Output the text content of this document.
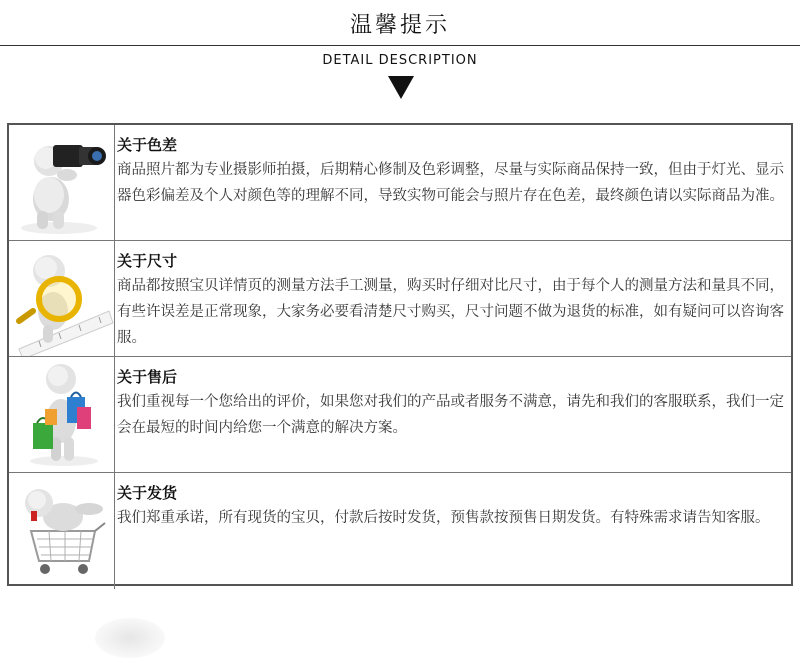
温馨提示
DETAIL DESCRIPTION
关于色差

商品照片都为专业摄影师拍摄，后期精心修制及色彩调整，尽量与实际商品保持一致，但由于灯光、显示器色彩偏差及个人对颜色等的理解不同，导致实物可能会与照片存在色差，最终颜色请以实际商品为准。

关于尺寸

商品都按照宝贝详情页的测量方法手工测量，购买时仔细对比尺寸，由于每个人的测量方法和量具不同，有些许误差是正常现象，大家务必要看清楚尺寸购买，尺寸问题不做为退货的标准，如有疑问可以咨询客服。

关于售后

我们重视每一个您给出的评价，如果您对我们的产品或者服务不满意，请先和我们的客服联系，我们一定会在最短的时间内给您一个满意的解决方案。

关于发货

我们郑重承诺，所有现货的宝贝，付款后按时发货，预售款按预售日期发货。有特殊需求请告知客服。
